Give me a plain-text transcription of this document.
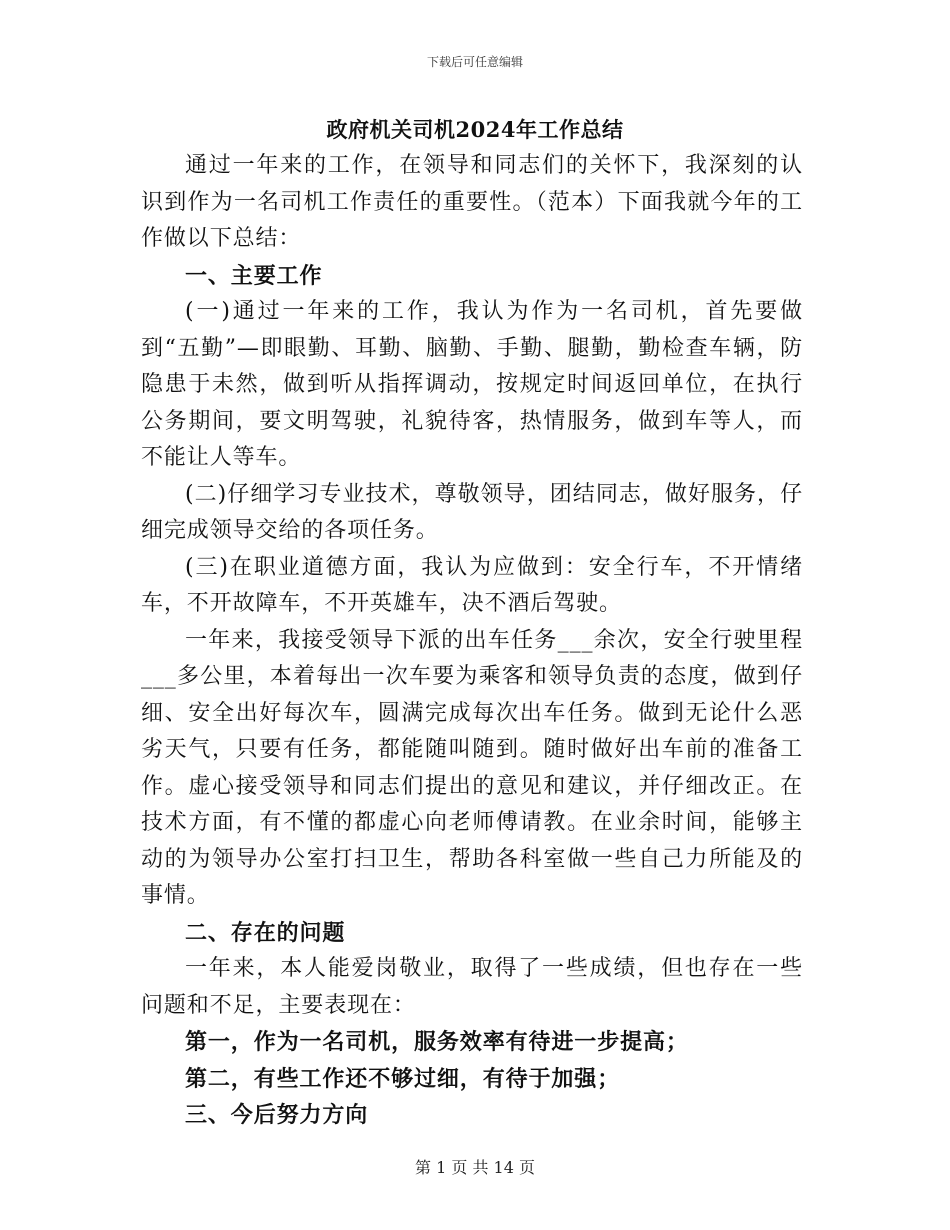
下载后可任意编辑
政府机关司机2024年工作总结

通过一年来的工作，在领导和同志们的关怀下，我深刻的认识到作为一名司机工作责任的重要性。（范本）下面我就今年的工作做以下总结：

一、主要工作

(一)通过一年来的工作，我认为作为一名司机，首先要做到“五勤”—即眼勤、耳勤、脑勤、手勤、腿勤，勤检查车辆，防隐患于未然，做到听从指挥调动，按规定时间返回单位，在执行公务期间，要文明驾驶，礼貌待客，热情服务，做到车等人，而不能让人等车。

(二)仔细学习专业技术，尊敬领导，团结同志，做好服务，仔细完成领导交给的各项任务。

(三)在职业道德方面，我认为应做到：安全行车，不开情绪车，不开故障车，不开英雄车，决不酒后驾驶。

一年来，我接受领导下派的出车任务___余次，安全行驶里程___多公里，本着每出一次车要为乘客和领导负责的态度，做到仔细、安全出好每次车，圆满完成每次出车任务。做到无论什么恶劣天气，只要有任务，都能随叫随到。随时做好出车前的准备工作。虚心接受领导和同志们提出的意见和建议，并仔细改正。在技术方面，有不懂的都虚心向老师傅请教。在业余时间，能够主动的为领导办公室打扫卫生，帮助各科室做一些自己力所能及的事情。

二、存在的问题

一年来，本人能爱岗敬业，取得了一些成绩，但也存在一些问题和不足，主要表现在：

第一，作为一名司机，服务效率有待进一步提高；

第二，有些工作还不够过细，有待于加强；

三、今后努力方向

第 1 页 共 14 页
